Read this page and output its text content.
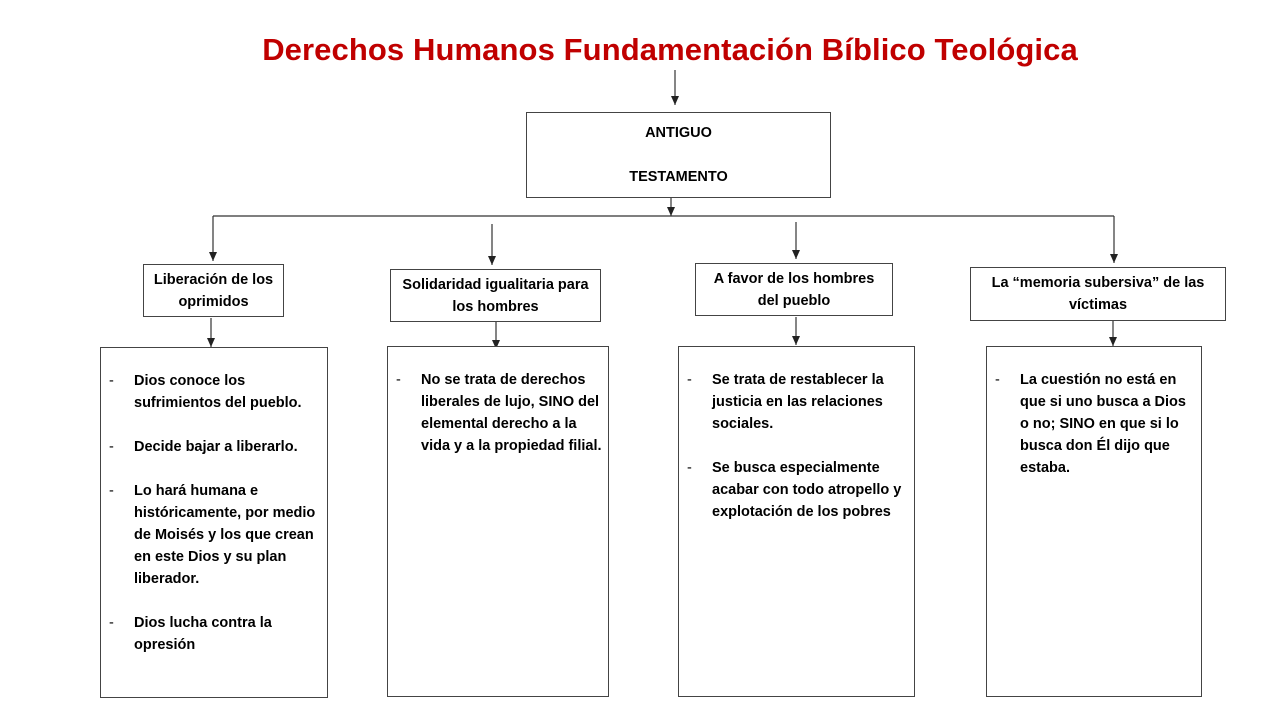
Derechos Humanos Fundamentación Bíblico Teológica
ANTIGUO
TESTAMENTO
Liberación de los oprimidos
Solidaridad igualitaria para los hombres
A favor de los hombres del pueblo
La “memoria subersiva” de las víctimas
- Dios conoce los sufrimientos del pueblo.
- Decide bajar a liberarlo.
- Lo hará humana e históricamente, por medio de Moisés y los que crean en este Dios y su plan liberador.
- Dios lucha contra la opresión
- No se trata de derechos liberales de lujo, SINO del elemental derecho a la vida y a la propiedad filial.
- Se trata de restablecer la justicia en las relaciones sociales.
- Se busca especialmente acabar con todo atropello y explotación de los pobres
- La cuestión no está en que si uno busca a Dios o no; SINO en que si lo busca don Él dijo que estaba.
